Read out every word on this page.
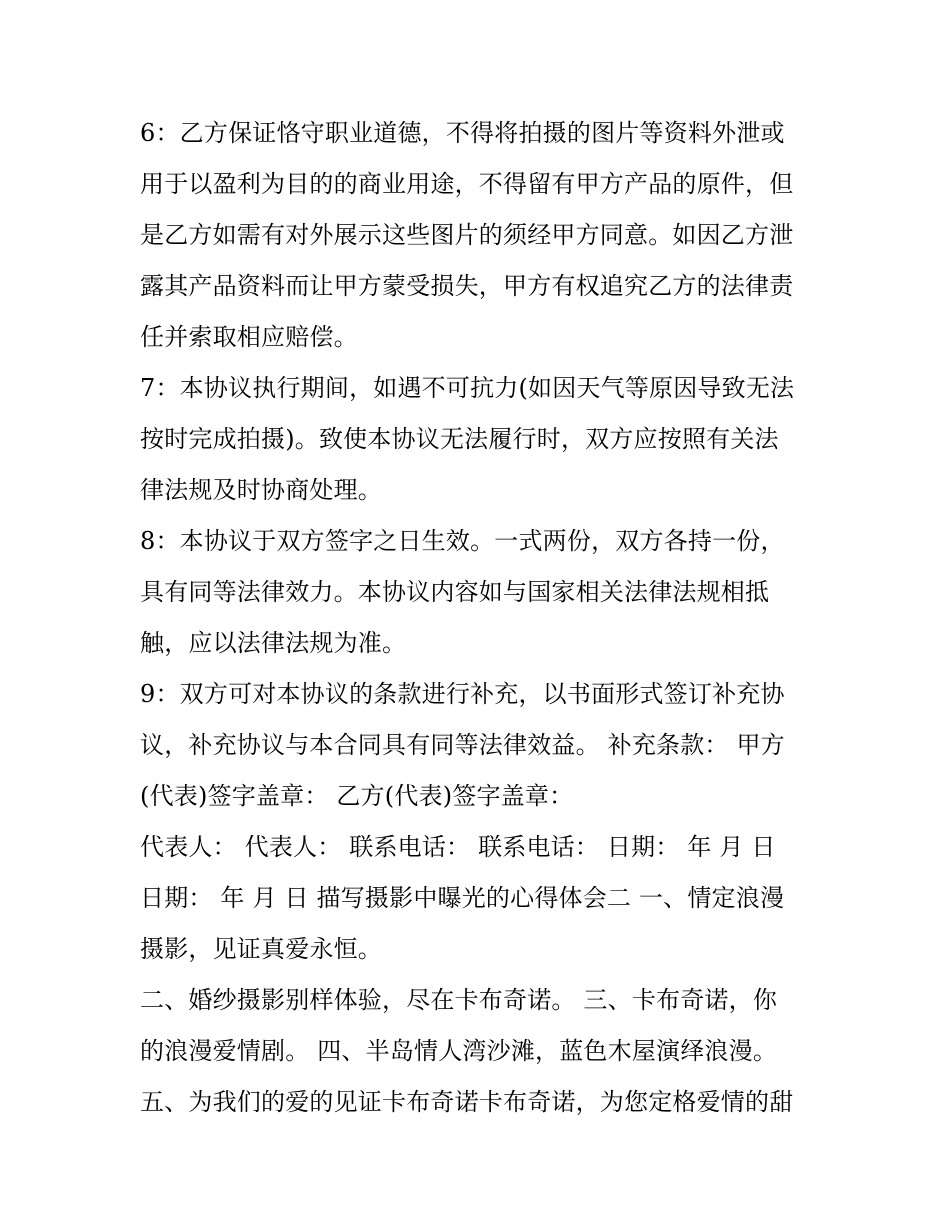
6：乙方保证恪守职业道德，不得将拍摄的图片等资料外泄或
用于以盈利为目的的商业用途，不得留有甲方产品的原件，但
是乙方如需有对外展示这些图片的须经甲方同意。如因乙方泄
露其产品资料而让甲方蒙受损失，甲方有权追究乙方的法律责
任并索取相应赔偿。
7：本协议执行期间，如遇不可抗力(如因天气等原因导致无法
按时完成拍摄)。致使本协议无法履行时，双方应按照有关法
律法规及时协商处理。
8：本协议于双方签字之日生效。一式两份，双方各持一份，
具有同等法律效力。本协议内容如与国家相关法律法规相抵
触，应以法律法规为准。
9：双方可对本协议的条款进行补充，以书面形式签订补充协
议，补充协议与本合同具有同等法律效益。 补充条款： 甲方
(代表)签字盖章： 乙方(代表)签字盖章：
代表人： 代表人： 联系电话： 联系电话： 日期： 年 月 日
日期： 年 月 日 描写摄影中曝光的心得体会二 一、情定浪漫
摄影，见证真爱永恒。
二、婚纱摄影别样体验，尽在卡布奇诺。 三、卡布奇诺，你
的浪漫爱情剧。 四、半岛情人湾沙滩，蓝色木屋演绎浪漫。
五、为我们的爱的见证卡布奇诺卡布奇诺，为您定格爱情的甜
